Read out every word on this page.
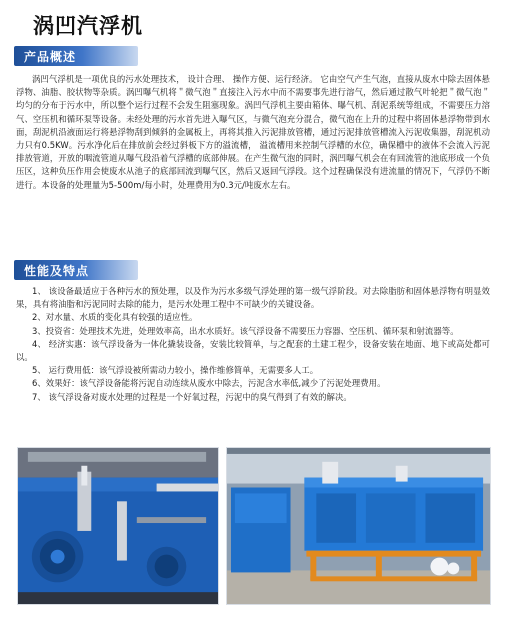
涡凹汽浮机
产品概述
涡凹气浮机是一项优良的污水处理技术， 设计合理、 操作方便、运行经济。 它由空气产生气泡，直接从废水中除去固体悬浮物、油脂、胶状物等杂质。涡凹曝气机将＂微气泡＂直接注入污水中而不需要事先进行溶气，然后通过散气叶轮把＂微气泡＂均匀的分布于污水中，所以整个运行过程不会发生阻塞现象。涡凹气浮机主要由箱体、曝气机、刮泥系统等组成，不需要压力溶气、空压机和循环泵等设备。未经处理的污水首先进入曝气区，与微气泡充分混合，微气泡在上升的过程中将固体悬浮物带到水面，刮泥机沿液面运行将悬浮物刮到倾斜的金属板上，再将其推入污泥排放管槽，通过污泥排放管槽流入污泥收集器，刮泥机动力只有0.5KW。污水净化后在排放前会经过斜板下方的溢流槽， 溢流槽用来控制气浮槽的水位，确保槽中的液体不会流入污泥排放管道，开放的咽流管道从曝气段沿着气浮槽的底部伸展。在产生微气泡的同时，涡凹曝气机会在有回流管的池底形成一个负压区，这种负压作用会使废水从池子的底部回流到曝气区，然后又返回气浮段。这个过程确保没有进流量的情况下，气浮仍不断进行。本设备的处理量为5-500m/每小时，处理费用为0.3元/吨废水左右。
性能及特点

1、 该设备最适应于各种污水的预处理，以及作为污水多级气浮处理的第一级气浮阶段。对去除脂肪和固体悬浮物有明显效果，具有将油脂和污泥同时去除的能力，是污水处理工程中不可缺少的关键设备。

2、对水量、水质的变化具有较强的适应性。

3、投资省：处理技术先进，处理效率高，出水水质好。该气浮设备不需要压力容器、空压机、循环泵和射流器等。

4、 经济实惠：该气浮设备为一体化撬装设备，安装比较简单，与之配套的土建工程少，设备安装在地面、地下或高处都可以。

5、 运行费用低：该气浮设被所需动力较小，操作维修简单，无需要多人工。

6、效果好：该气浮设备能将污泥自动连续从废水中除去，污泥含水率低,减少了污泥处理费用。

7、 该气浮设备对废水处理的过程是一个好氧过程，污泥中的臭气得到了有效的解决。
